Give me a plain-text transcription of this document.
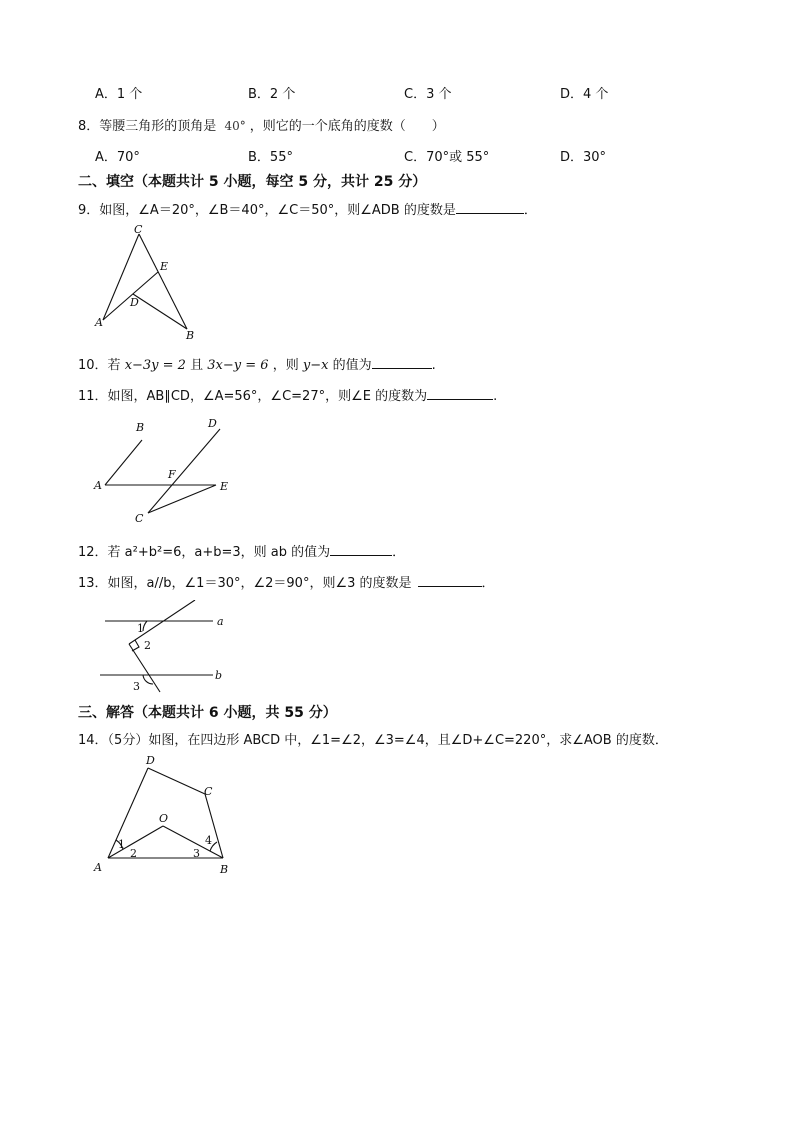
A．1 个	B．2 个	C．3 个	D．4 个
8．等腰三角形的顶角是 40° ，则它的一个底角的度数（　　）
A．70°	B．55°	C．70°或 55°	D．30°
二、填空（本题共计 5 小题，每空 5 分，共计 25 分）
9．如图，∠A＝20°，∠B＝40°，∠C＝50°，则∠ADB 的度数是	．
C
E
D
A
B
10．若 x−3y = 2 且 3x−y = 6 ，则 y−x 的值为	.
11．如图，AB∥CD，∠A=56°，∠C=27°，则∠E 的度数为	.
B	D
A
F
E
C
12．若 a²+b²=6，a+b=3，则 ab 的值为	．
13．如图，a//b，∠1＝30°，∠2＝90°，则∠3 的度数是	．
1
2
3
a
b
三、解答（本题共计 6 小题，共 55 分）
14．（5分）如图，在四边形 ABCD 中，∠1=∠2，∠3=∠4，且∠D+∠C=220°，求∠AOB 的度数．
D
C
O
A	B
1
2	3
4
